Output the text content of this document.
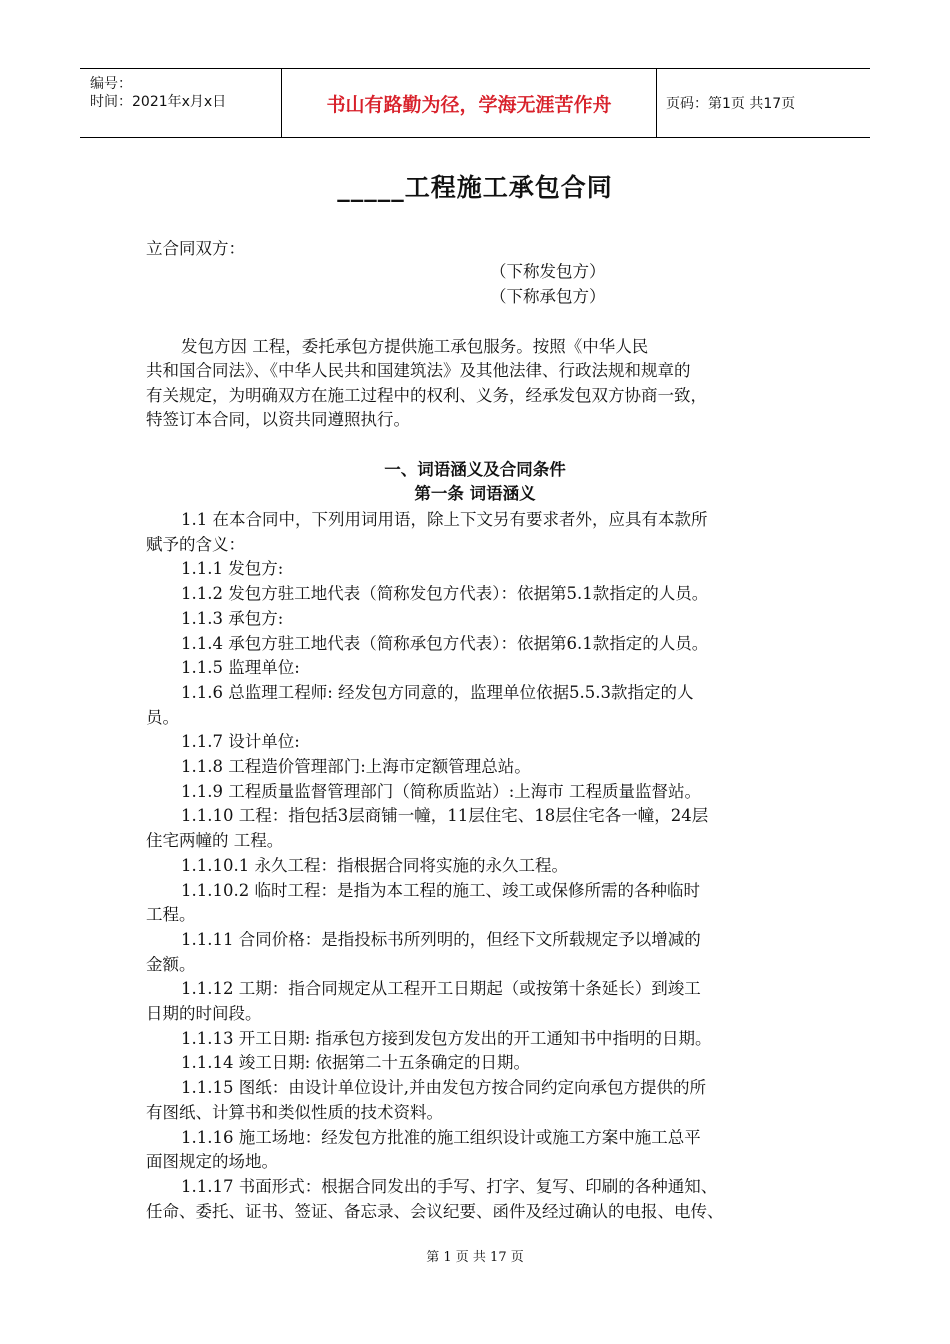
编号：
时间：2021年x月x日	书山有路勤为径，学海无涯苦作舟	页码：第1页 共17页
_____工程施工承包合同
立合同双方：
（下称发包方）
（下称承包方）
发包方因 工程，委托承包方提供施工承包服务。按照《中华人民
共和国合同法》、《中华人民共和国建筑法》及其他法律、行政法规和规章的
有关规定，为明确双方在施工过程中的权利、义务，经承发包双方协商一致，
特签订本合同，以资共同遵照执行。
一、词语涵义及合同条件
第一条 词语涵义
1.1 在本合同中，下列用词用语，除上下文另有要求者外，应具有本款所
赋予的含义：
1.1.1 发包方:
1.1.2 发包方驻工地代表（简称发包方代表）：依据第5.1款指定的人员。
1.1.3 承包方:
1.1.4 承包方驻工地代表（简称承包方代表）：依据第6.1款指定的人员。
1.1.5 监理单位:
1.1.6 总监理工程师: 经发包方同意的，监理单位依据5.5.3款指定的人
员。
1.1.7 设计单位:
1.1.8 工程造价管理部门:上海市定额管理总站。
1.1.9 工程质量监督管理部门（简称质监站）:上海市 工程质量监督站。
1.1.10 工程：指包括3层商铺一幢，11层住宅、18层住宅各一幢，24层
住宅两幢的 工程。
1.1.10.1 永久工程：指根据合同将实施的永久工程。
1.1.10.2 临时工程：是指为本工程的施工、竣工或保修所需的各种临时
工程。
1.1.11 合同价格：是指投标书所列明的，但经下文所载规定予以增减的
金额。
1.1.12 工期：指合同规定从工程开工日期起（或按第十条延长）到竣工
日期的时间段。
1.1.13 开工日期: 指承包方接到发包方发出的开工通知书中指明的日期。
1.1.14 竣工日期: 依据第二十五条确定的日期。
1.1.15 图纸：由设计单位设计,并由发包方按合同约定向承包方提供的所
有图纸、计算书和类似性质的技术资料。
1.1.16 施工场地：经发包方批准的施工组织设计或施工方案中施工总平
面图规定的场地。
1.1.17 书面形式：根据合同发出的手写、打字、复写、印刷的各种通知、
任命、委托、证书、签证、备忘录、会议纪要、函件及经过确认的电报、电传、
第 1 页 共 17 页
